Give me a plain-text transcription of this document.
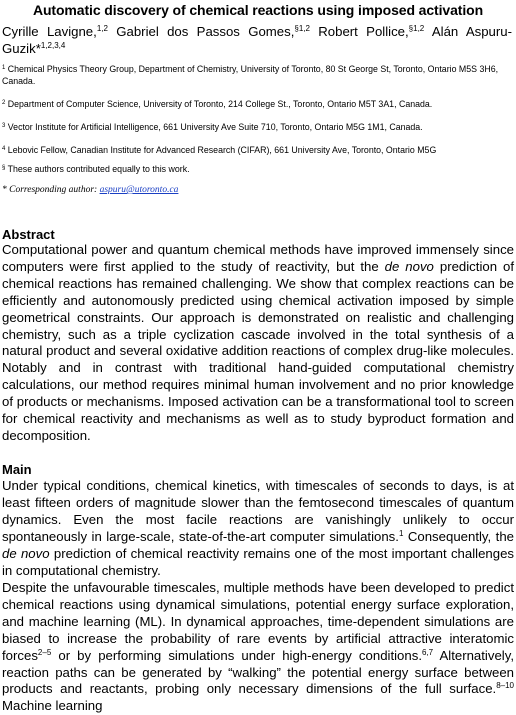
Automatic discovery of chemical reactions using imposed activation
Cyrille Lavigne,$^{1,2}$ Gabriel dos Passos Gomes,$^{\S 1,2}$ Robert Pollice,$^{\S 1,2}$ Alán Aspuru-Guzik*$^{1,2,3,4}$
$^1$ Chemical Physics Theory Group, Department of Chemistry, University of Toronto, 80 St George St, Toronto, Ontario M5S 3H6, Canada.
$^2$ Department of Computer Science, University of Toronto, 214 College St., Toronto, Ontario M5T 3A1, Canada.
$^3$ Vector Institute for Artificial Intelligence, 661 University Ave Suite 710, Toronto, Ontario M5G 1M1, Canada.
$^4$ Lebovic Fellow, Canadian Institute for Advanced Research (CIFAR), 661 University Ave, Toronto, Ontario M5G
§ These authors contributed equally to this work.
* Corresponding author: aspuru@utoronto.ca
Abstract

Computational power and quantum chemical methods have improved immensely since computers were first applied to the study of reactivity, but the de novo prediction of chemical reactions has remained challenging. We show that complex reactions can be efficiently and autonomously predicted using chemical activation imposed by simple geometrical constraints. Our approach is demonstrated on realistic and challenging chemistry, such as a triple cyclization cascade involved in the total synthesis of a natural product and several oxidative addition reactions of complex drug-like molecules. Notably and in contrast with traditional hand-guided computational chemistry calculations, our method requires minimal human involvement and no prior knowledge of products or mechanisms. Imposed activation can be a transformational tool to screen for chemical reactivity and mechanisms as well as to study byproduct formation and decomposition.

Main

Under typical conditions, chemical kinetics, with timescales of seconds to days, is at least fifteen orders of magnitude slower than the femtosecond timescales of quantum dynamics. Even the most facile reactions are vanishingly unlikely to occur spontaneously in large-scale, state-of-the-art computer simulations.$^1$ Consequently, the de novo prediction of chemical reactivity remains one of the most important challenges in computational chemistry.

Despite the unfavourable timescales, multiple methods have been developed to predict chemical reactions using dynamical simulations, potential energy surface exploration, and machine learning (ML). In dynamical approaches, time-dependent simulations are biased to increase the probability of rare events by artificial attractive interatomic forces$^{2-5}$ or by performing simulations under high-energy conditions.$^{6,7}$ Alternatively, reaction paths can be generated by “walking” the potential energy surface between products and reactants, probing only necessary dimensions of the full surface.$^{8-10}$ Machine learning
